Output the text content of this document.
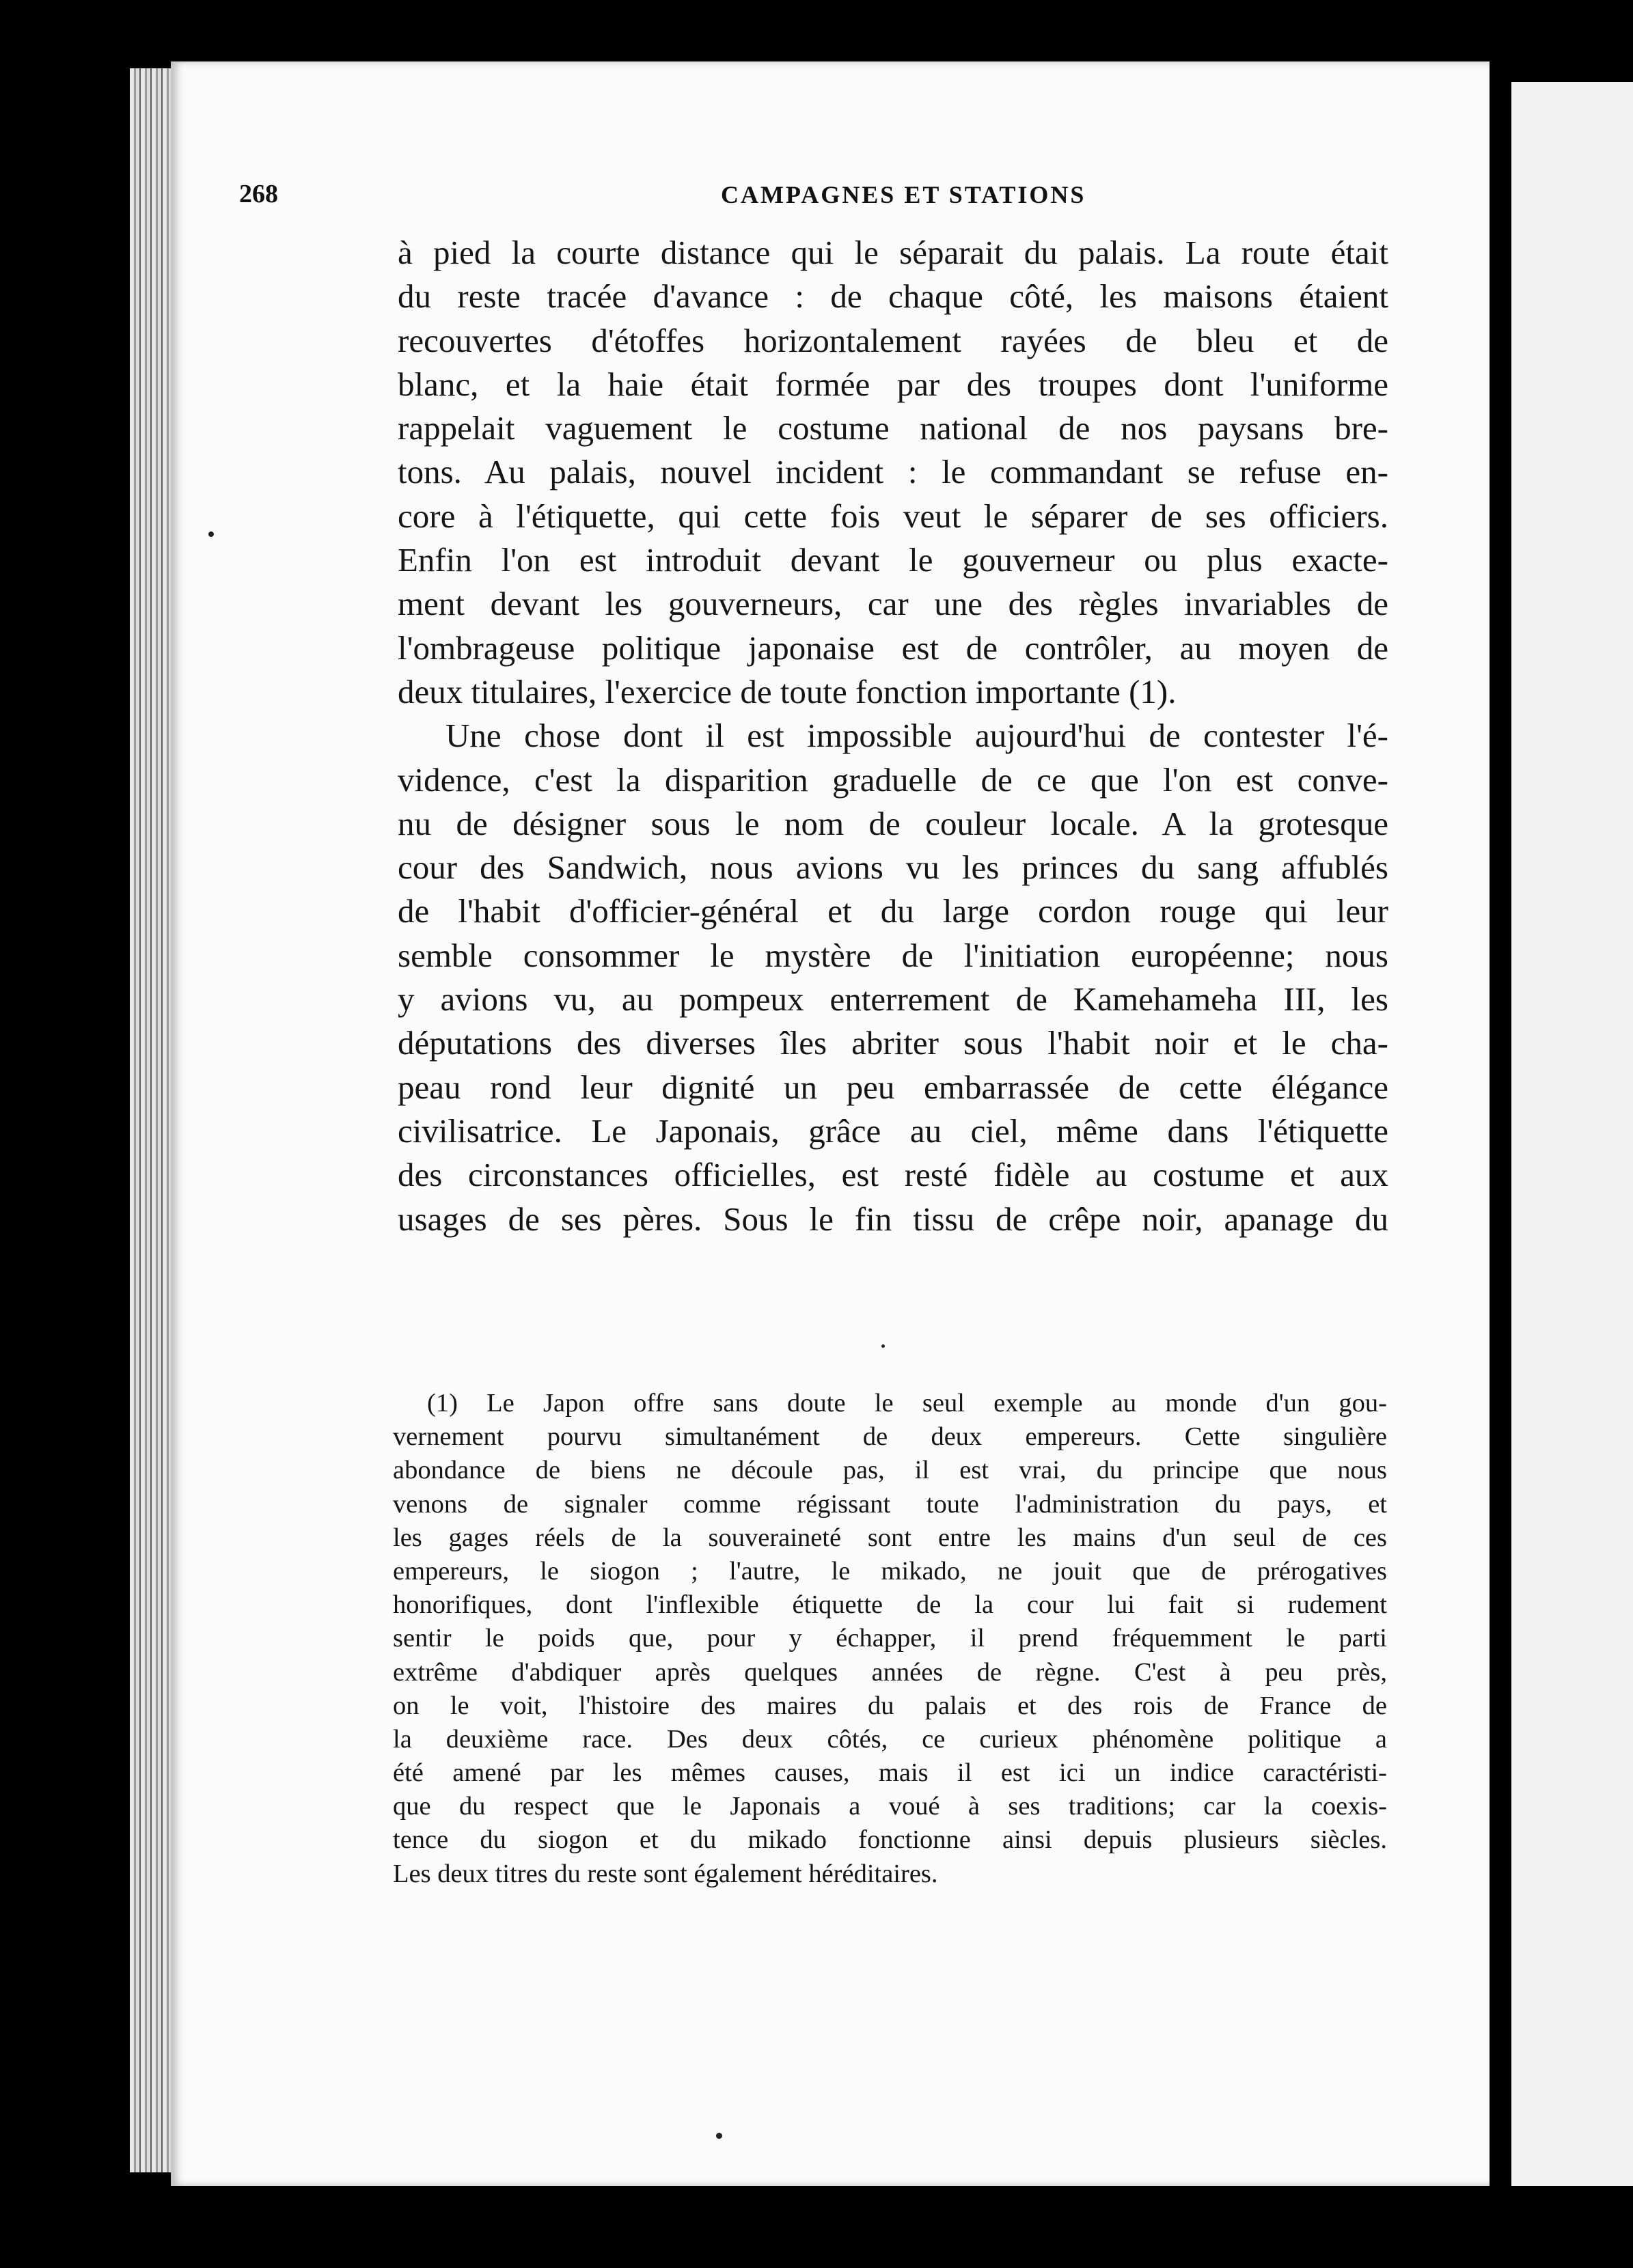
268	CAMPAGNES ET STATIONS
à pied la courte distance qui le séparait du palais. La route était
du reste tracée d'avance : de chaque côté, les maisons étaient
recouvertes d'étoffes horizontalement rayées de bleu et de
blanc, et la haie était formée par des troupes dont l'uniforme
rappelait vaguement le costume national de nos paysans bre-
tons. Au palais, nouvel incident : le commandant se refuse en-
core à l'étiquette, qui cette fois veut le séparer de ses officiers.
Enfin l'on est introduit devant le gouverneur ou plus exacte-
ment devant les gouverneurs, car une des règles invariables de
l'ombrageuse politique japonaise est de contrôler, au moyen de
deux titulaires, l'exercice de toute fonction importante (1).
Une chose dont il est impossible aujourd'hui de contester l'é-
vidence, c'est la disparition graduelle de ce que l'on est conve-
nu de désigner sous le nom de couleur locale. A la grotesque
cour des Sandwich, nous avions vu les princes du sang affublés
de l'habit d'officier-général et du large cordon rouge qui leur
semble consommer le mystère de l'initiation européenne; nous
y avions vu, au pompeux enterrement de Kamehameha III, les
députations des diverses îles abriter sous l'habit noir et le cha-
peau rond leur dignité un peu embarrassée de cette élégance
civilisatrice. Le Japonais, grâce au ciel, même dans l'étiquette
des circonstances officielles, est resté fidèle au costume et aux
usages de ses pères. Sous le fin tissu de crêpe noir, apanage du
(1) Le Japon offre sans doute le seul exemple au monde d'un gou-
vernement pourvu simultanément de deux empereurs. Cette singulière
abondance de biens ne découle pas, il est vrai, du principe que nous
venons de signaler comme régissant toute l'administration du pays, et
les gages réels de la souveraineté sont entre les mains d'un seul de ces
empereurs, le siogon ; l'autre, le mikado, ne jouit que de prérogatives
honorifiques, dont l'inflexible étiquette de la cour lui fait si rudement
sentir le poids que, pour y échapper, il prend fréquemment le parti
extrême d'abdiquer après quelques années de règne. C'est à peu près,
on le voit, l'histoire des maires du palais et des rois de France de
la deuxième race. Des deux côtés, ce curieux phénomène politique a
été amené par les mêmes causes, mais il est ici un indice caractéristi-
que du respect que le Japonais a voué à ses traditions; car la coexis-
tence du siogon et du mikado fonctionne ainsi depuis plusieurs siècles.
Les deux titres du reste sont également héréditaires.
